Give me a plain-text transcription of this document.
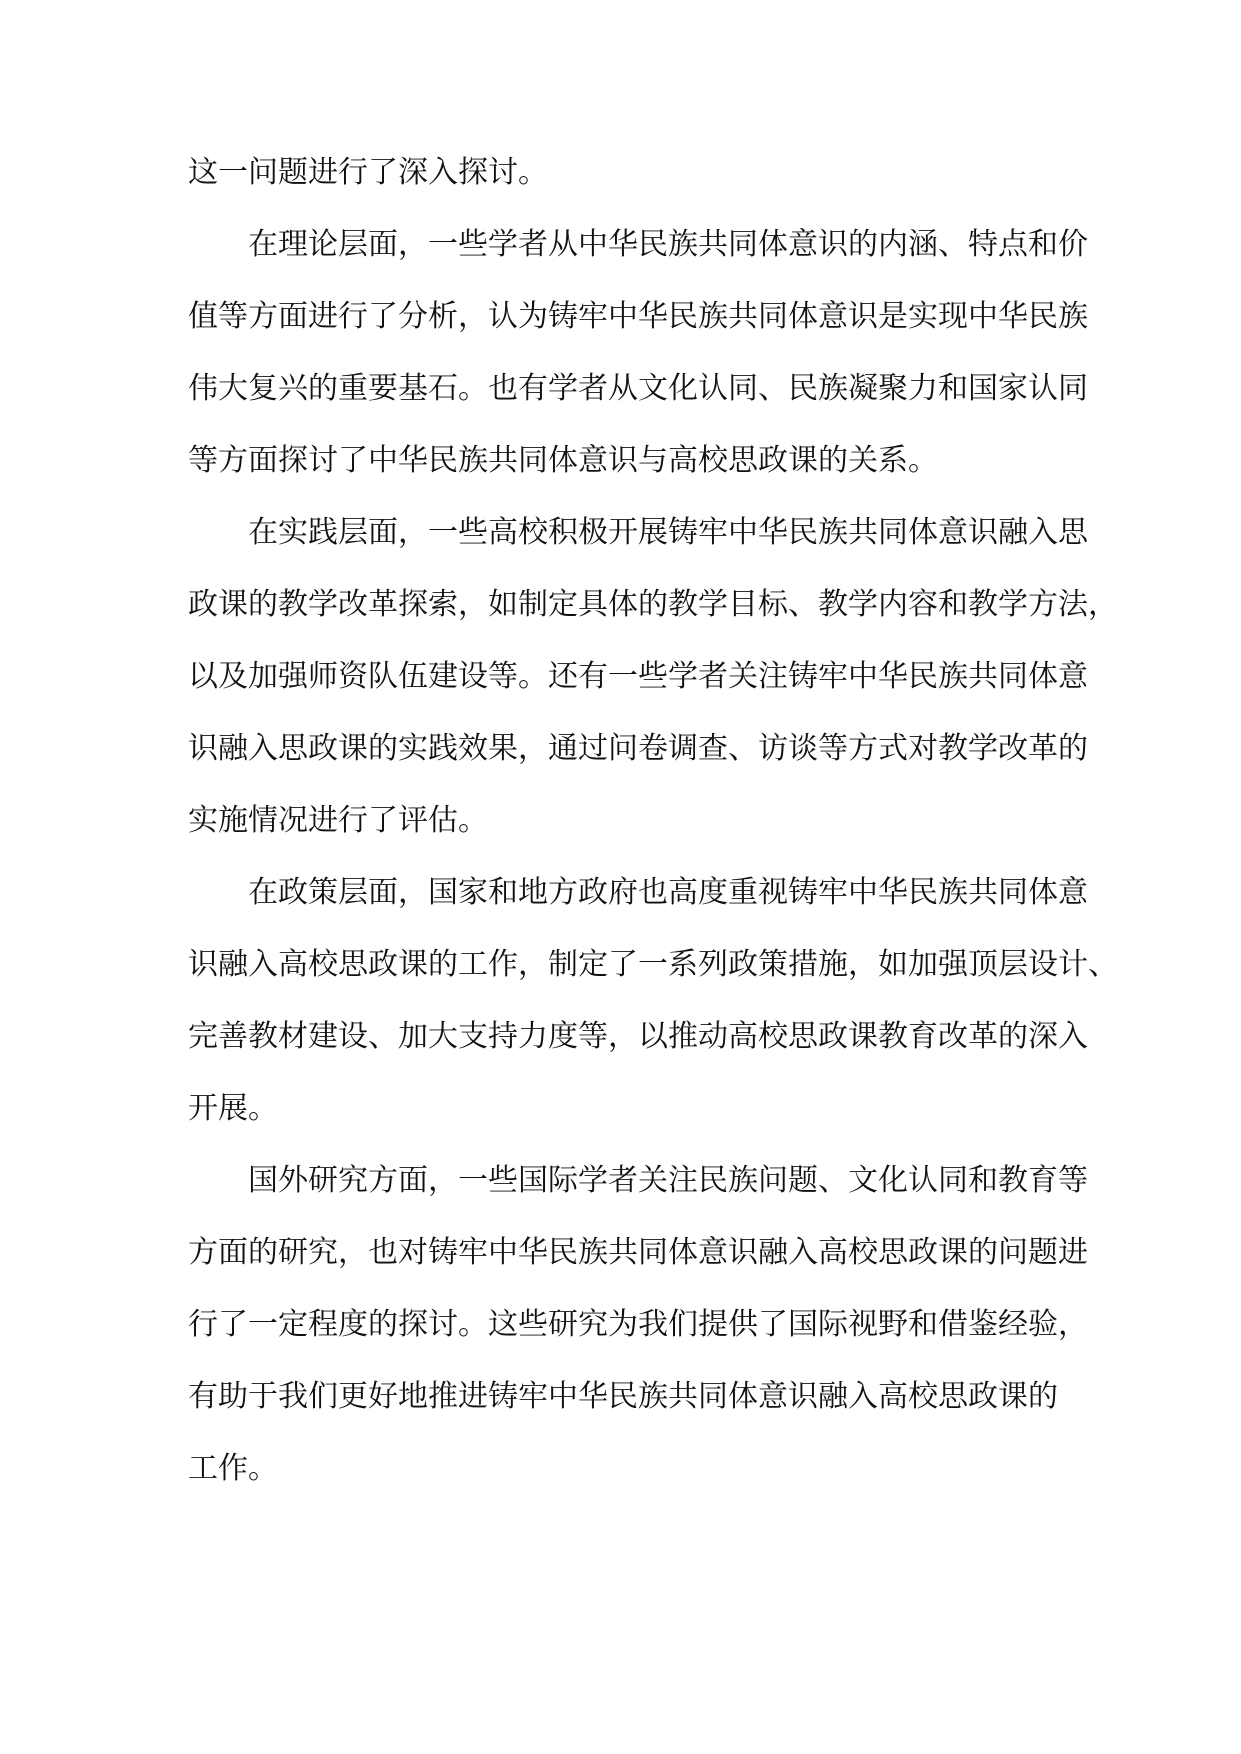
这一问题进行了深入探讨。
在理论层面，一些学者从中华民族共同体意识的内涵、特点和价
值等方面进行了分析，认为铸牢中华民族共同体意识是实现中华民族
伟大复兴的重要基石。也有学者从文化认同、民族凝聚力和国家认同
等方面探讨了中华民族共同体意识与高校思政课的关系。
在实践层面，一些高校积极开展铸牢中华民族共同体意识融入思
政课的教学改革探索，如制定具体的教学目标、教学内容和教学方法，
以及加强师资队伍建设等。还有一些学者关注铸牢中华民族共同体意
识融入思政课的实践效果，通过问卷调查、访谈等方式对教学改革的
实施情况进行了评估。
在政策层面，国家和地方政府也高度重视铸牢中华民族共同体意
识融入高校思政课的工作，制定了一系列政策措施，如加强顶层设计、
完善教材建设、加大支持力度等，以推动高校思政课教育改革的深入
开展。
国外研究方面，一些国际学者关注民族问题、文化认同和教育等
方面的研究，也对铸牢中华民族共同体意识融入高校思政课的问题进
行了一定程度的探讨。这些研究为我们提供了国际视野和借鉴经验，
有助于我们更好地推进铸牢中华民族共同体意识融入高校思政课的
工作。
